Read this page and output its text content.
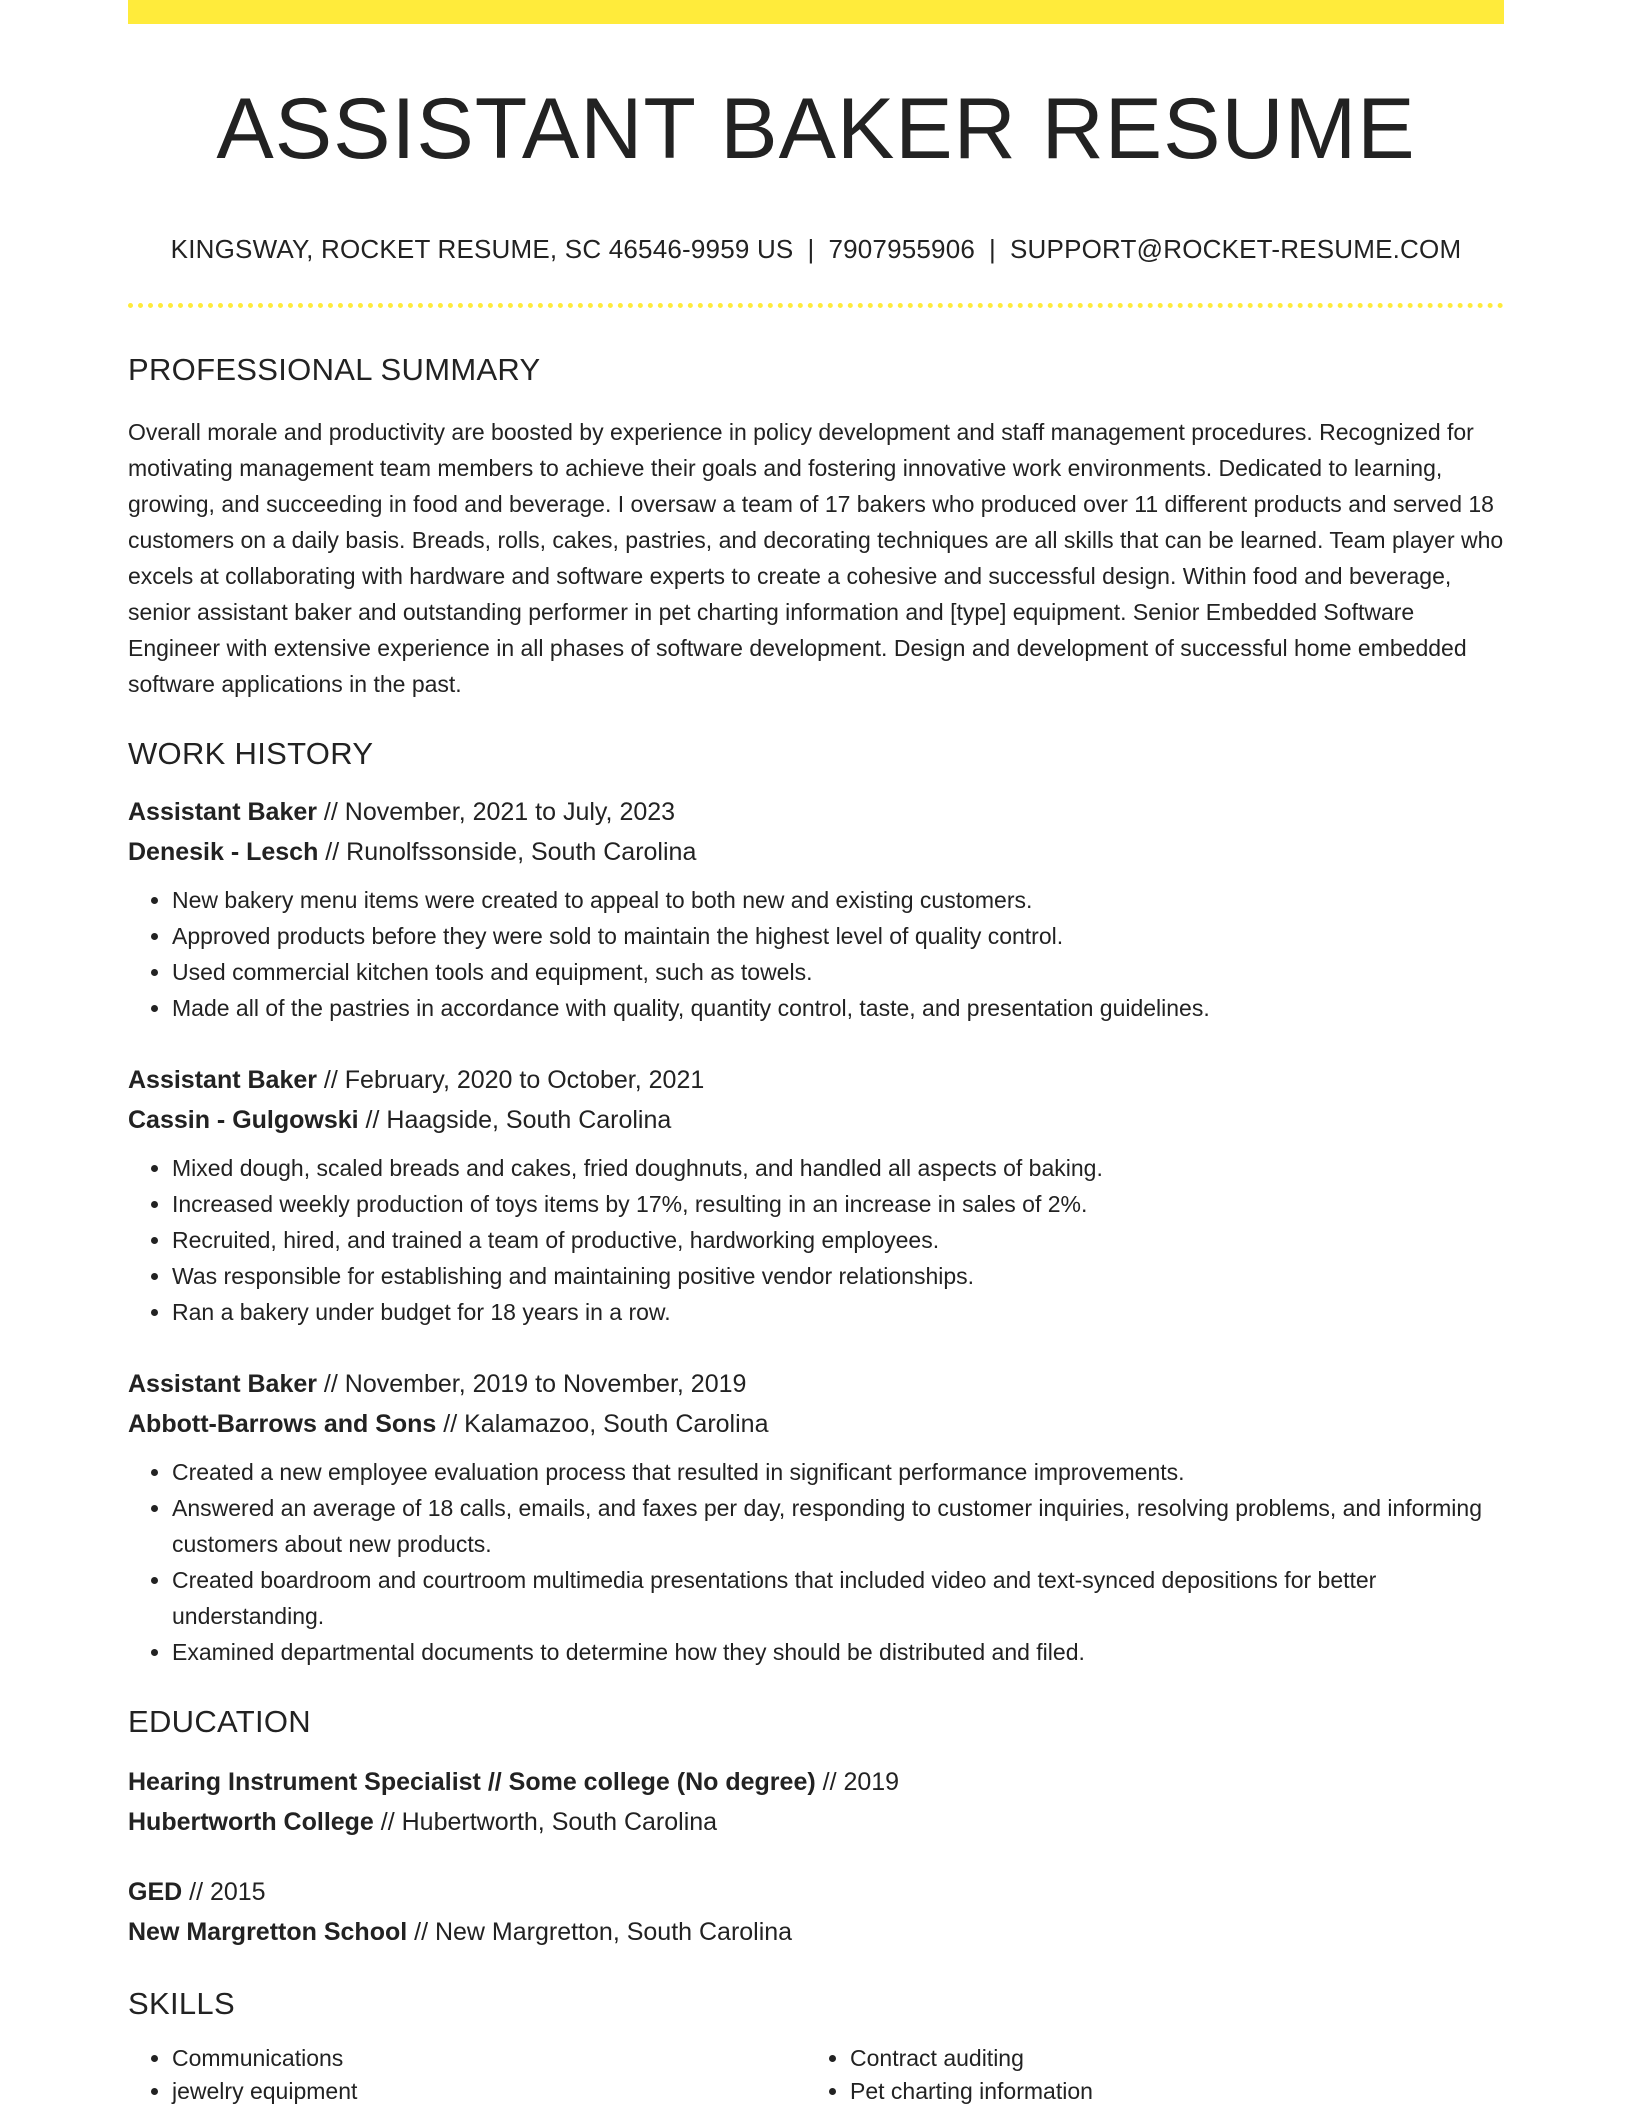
ASSISTANT BAKER RESUME
KINGSWAY, ROCKET RESUME, SC 46546-9959 US | 7907955906 | SUPPORT@ROCKET-RESUME.COM
PROFESSIONAL SUMMARY

Overall morale and productivity are boosted by experience in policy development and staff management procedures. Recognized for motivating management team members to achieve their goals and fostering innovative work environments. Dedicated to learning, growing, and succeeding in food and beverage. I oversaw a team of 17 bakers who produced over 11 different products and served 18 customers on a daily basis. Breads, rolls, cakes, pastries, and decorating techniques are all skills that can be learned. Team player who excels at collaborating with hardware and software experts to create a cohesive and successful design. Within food and beverage, senior assistant baker and outstanding performer in pet charting information and [type] equipment. Senior Embedded Software Engineer with extensive experience in all phases of software development. Design and development of successful home embedded software applications in the past.

WORK HISTORY
Assistant Baker // November, 2021 to July, 2023
Denesik - Lesch // Runolfssonside, South Carolina
• New bakery menu items were created to appeal to both new and existing customers.
• Approved products before they were sold to maintain the highest level of quality control.
• Used commercial kitchen tools and equipment, such as towels.
• Made all of the pastries in accordance with quality, quantity control, taste, and presentation guidelines.
Assistant Baker // February, 2020 to October, 2021
Cassin - Gulgowski // Haagside, South Carolina
• Mixed dough, scaled breads and cakes, fried doughnuts, and handled all aspects of baking.
• Increased weekly production of toys items by 17%, resulting in an increase in sales of 2%.
• Recruited, hired, and trained a team of productive, hardworking employees.
• Was responsible for establishing and maintaining positive vendor relationships.
• Ran a bakery under budget for 18 years in a row.
Assistant Baker // November, 2019 to November, 2019
Abbott-Barrows and Sons // Kalamazoo, South Carolina
• Created a new employee evaluation process that resulted in significant performance improvements.
• Answered an average of 18 calls, emails, and faxes per day, responding to customer inquiries, resolving problems, and informing customers about new products.
• Created boardroom and courtroom multimedia presentations that included video and text-synced depositions for better understanding.
• Examined departmental documents to determine how they should be distributed and filed.
EDUCATION
Hearing Instrument Specialist // Some college (No degree) // 2019
Hubertworth College // Hubertworth, South Carolina
GED // 2015
New Margretton School // New Margretton, South Carolina
SKILLS
• Communications
• jewelry equipment
• Contract auditing
• Pet charting information
